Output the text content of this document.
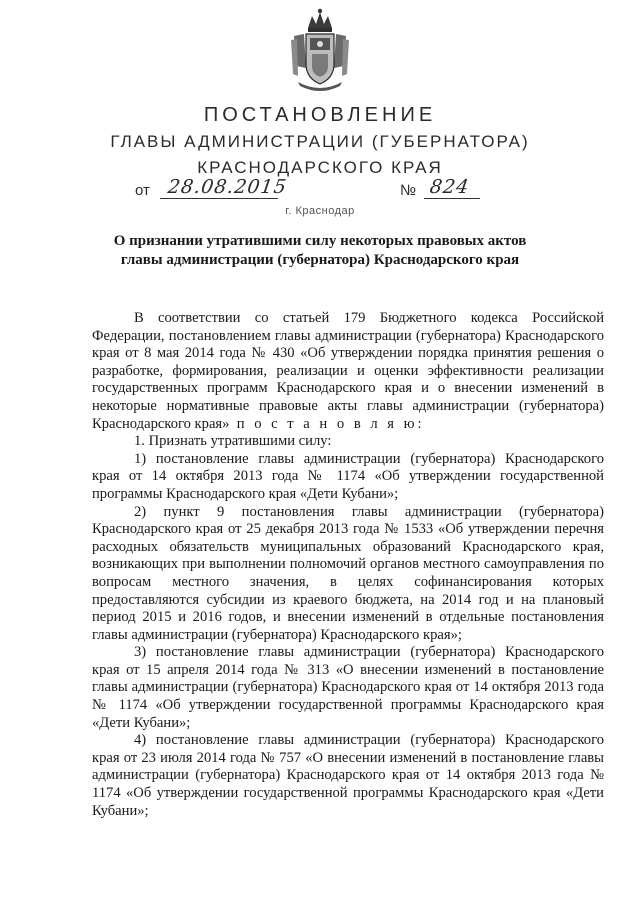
ПОСТАНОВЛЕНИЕ
ГЛАВЫ АДМИНИСТРАЦИИ (ГУБЕРНАТОРА)
КРАСНОДАРСКОГО КРАЯ
от 28.08.2015	№ 824
г. Краснодар
О признании утратившими силу некоторых правовых актов
главы администрации (губернатора) Краснодарского края

В соответствии со статьей 179 Бюджетного кодекса Российской Федерации, постановлением главы администрации (губернатора) Краснодарского края от 8 мая 2014 года № 430 «Об утверждении порядка принятия решения о разработке, формирования, реализации и оценки эффективности реализации государственных программ Краснодарского края и о внесении изменений в некоторые нормативные правовые акты главы администрации (губернатора) Краснодарского края» п о с т а н о в л я ю:

1. Признать утратившими силу:

1) постановление главы администрации (губернатора) Краснодарского края от 14 октября 2013 года № 1174 «Об утверждении государственной программы Краснодарского края «Дети Кубани»;

2) пункт 9 постановления главы администрации (губернатора) Краснодарского края от 25 декабря 2013 года № 1533 «Об утверждении перечня расходных обязательств муниципальных образований Краснодарского края, возникающих при выполнении полномочий органов местного самоуправления по вопросам местного значения, в целях софинансирования которых предоставляются субсидии из краевого бюджета, на 2014 год и на плановый период 2015 и 2016 годов, и внесении изменений в отдельные постановления главы администрации (губернатора) Краснодарского края»;

3) постановление главы администрации (губернатора) Краснодарского края от 15 апреля 2014 года № 313 «О внесении изменений в постановление главы администрации (губернатора) Краснодарского края от 14 октября 2013 года № 1174 «Об утверждении государственной программы Краснодарского края «Дети Кубани»;

4) постановление главы администрации (губернатора) Краснодарского края от 23 июля 2014 года № 757 «О внесении изменений в постановление главы администрации (губернатора) Краснодарского края от 14 октября 2013 года № 1174 «Об утверждении государственной программы Краснодарского края «Дети Кубани»;
